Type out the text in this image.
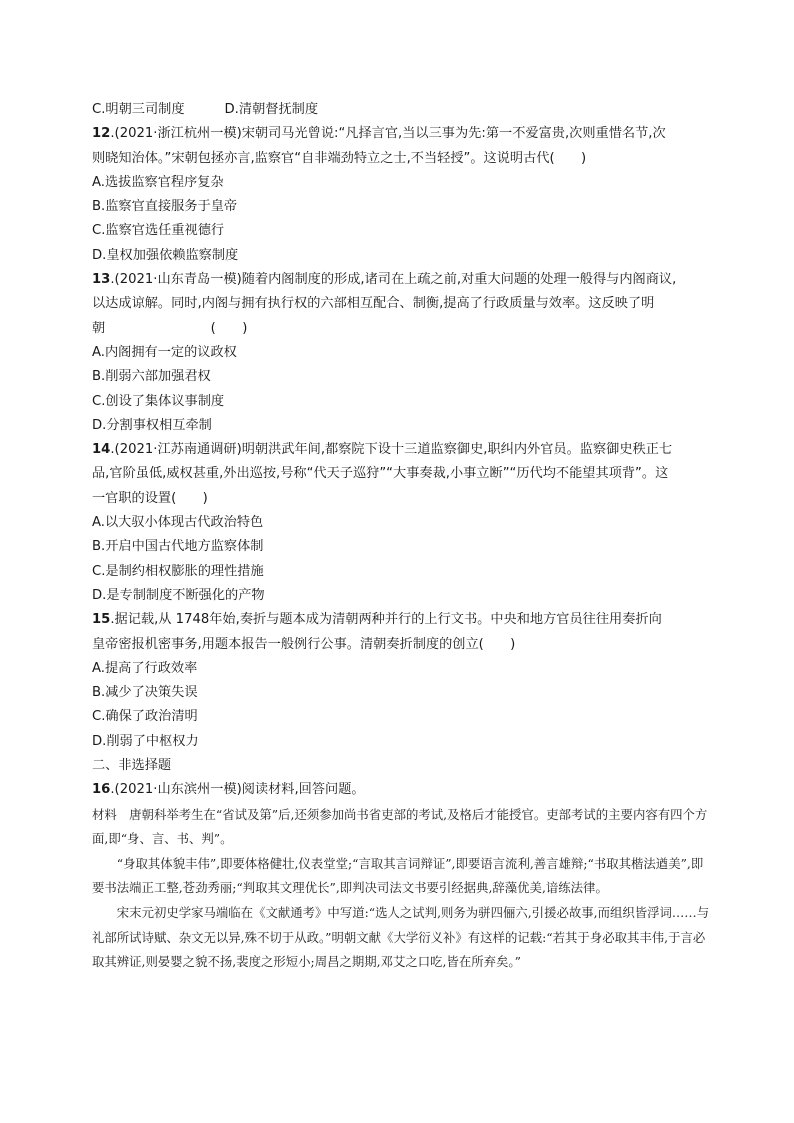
C.明朝三司制度	D.清朝督抚制度
12.(2021·浙江杭州一模)宋朝司马光曾说:“凡择言官,当以三事为先:第一不爱富贵,次则重惜名节,次
则晓知治体。”宋朝包拯亦言,监察官“自非端劲特立之士,不当轻授”。这说明古代(　　)
A.选拔监察官程序复杂
B.监察官直接服务于皇帝
C.监察官选任重视德行
D.皇权加强依赖监察制度
13.(2021·山东青岛一模)随着内阁制度的形成,诸司在上疏之前,对重大问题的处理一般得与内阁商议,
以达成谅解。同时,内阁与拥有执行权的六部相互配合、制衡,提高了行政质量与效率。这反映了明
朝　　　　　　　　(　　)
A.内阁拥有一定的议政权
B.削弱六部加强君权
C.创设了集体议事制度
D.分割事权相互牵制
14.(2021·江苏南通调研)明朝洪武年间,都察院下设十三道监察御史,职纠内外官员。监察御史秩正七
品,官阶虽低,威权甚重,外出巡按,号称“代天子巡狩”“大事奏裁,小事立断”“历代均不能望其项背”。这
一官职的设置(　　)
A.以大驭小体现古代政治特色
B.开启中国古代地方监察体制
C.是制约相权膨胀的理性措施
D.是专制制度不断强化的产物
15.据记载,从 1748年始,奏折与题本成为清朝两种并行的上行文书。中央和地方官员往往用奏折向
皇帝密报机密事务,用题本报告一般例行公事。清朝奏折制度的创立(　　)
A.提高了行政效率
B.减少了决策失误
C.确保了政治清明
D.削弱了中枢权力
二、非选择题
16.(2021·山东滨州一模)阅读材料,回答问题。
材料　唐朝科举考生在“省试及第”后,还须参加尚书省吏部的考试,及格后才能授官。吏部考试的主要内容有四个方面,即“身、言、书、判”。
“身取其体貌丰伟”,即要体格健壮,仪表堂堂;“言取其言词辩证”,即要语言流利,善言雄辩;“书取其楷法遒美”,即要书法端正工整,苍劲秀丽;“判取其文理优长”,即判决司法文书要引经据典,辞藻优美,谙练法律。
宋末元初史学家马端临在《文献通考》中写道:“选人之试判,则务为骈四俪六,引援必故事,而组织皆浮词……与礼部所试诗赋、杂文无以异,殊不切于从政。”明朝文献《大学衍义补》有这样的记载:“若其于身必取其丰伟,于言必取其辨证,则晏婴之貌不扬,裴度之形短小;周昌之期期,邓艾之口吃,皆在所弃矣。”
